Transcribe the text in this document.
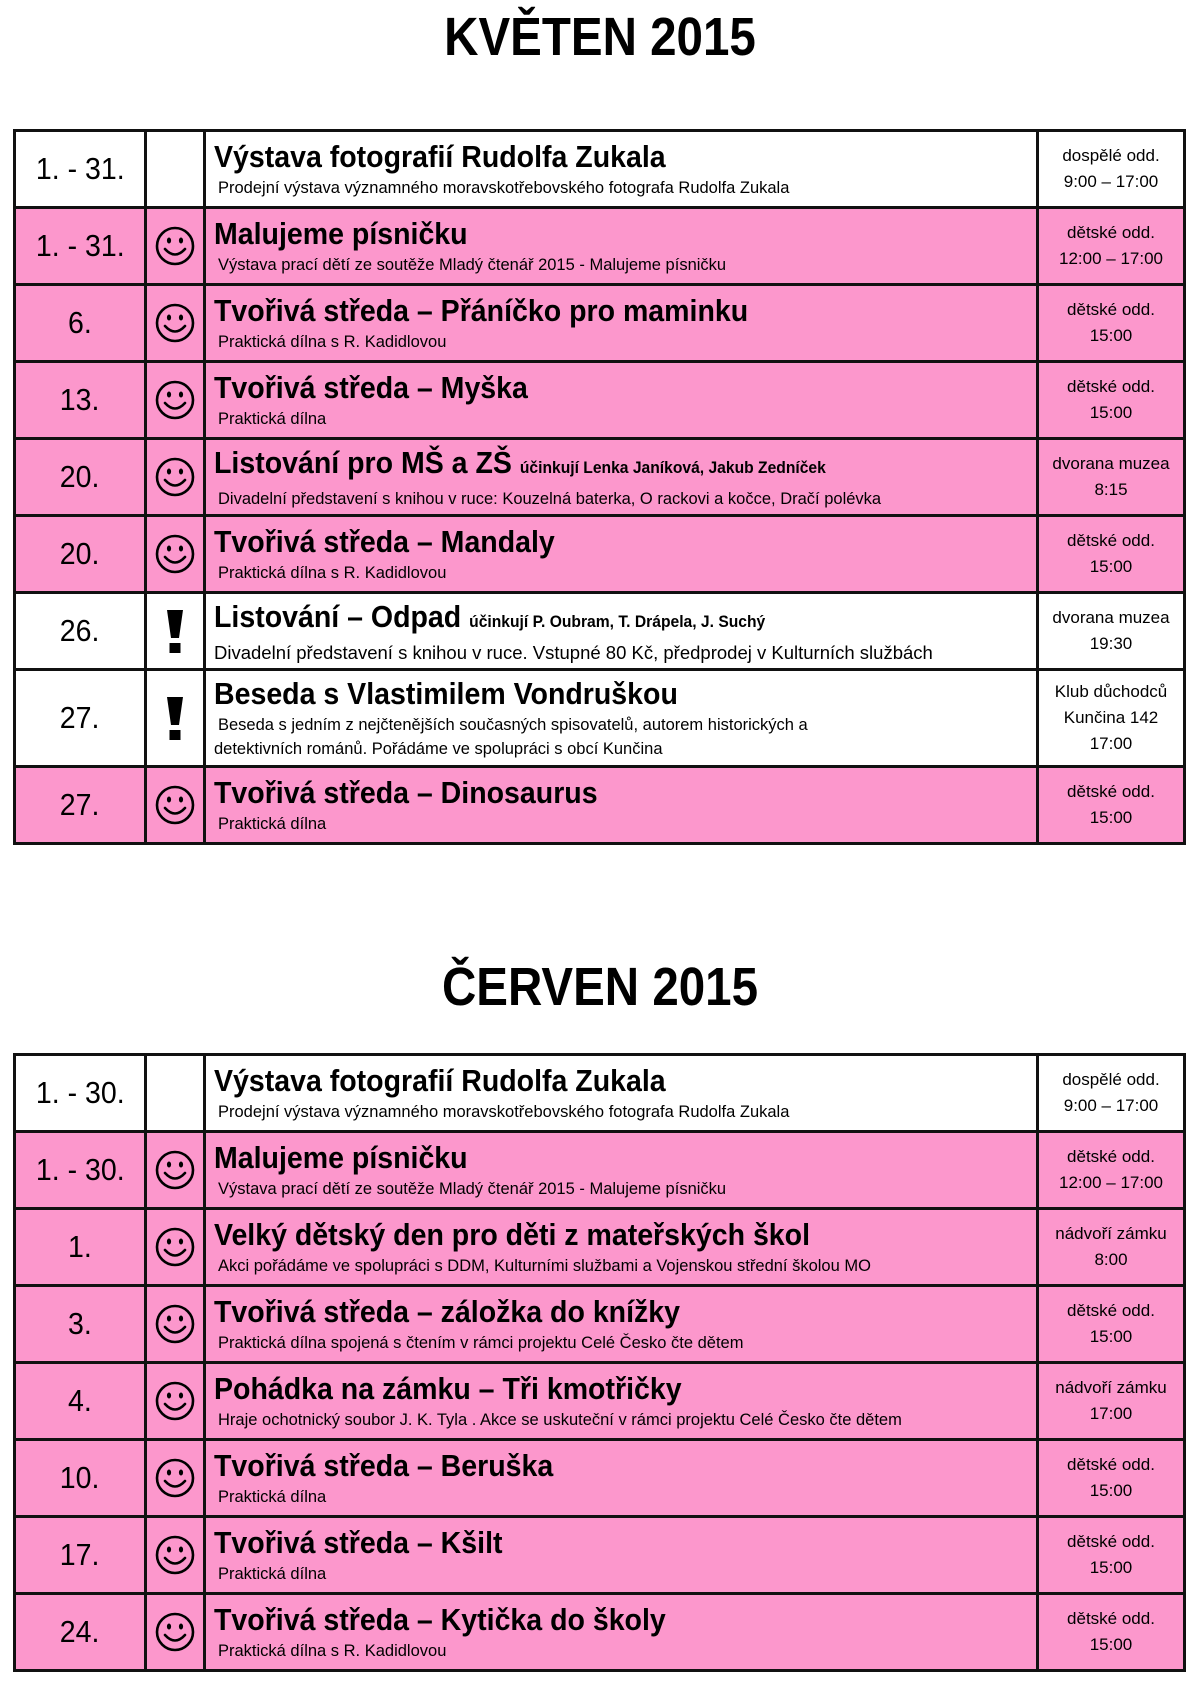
KVĚTEN 2015
1. - 31.		Výstava fotografií Rudolfa Zukala
Prodejní výstava významného moravskotřebovského fotografa Rudolfa Zukala	dospělé odd.
9:00 – 17:00

1. - 31.		Malujeme písničku
Výstava prací dětí ze soutěže Mladý čtenář 2015 - Malujeme písničku	dětské odd.
12:00 – 17:00

6.		Tvořivá středa – Přáníčko pro maminku
Praktická dílna s R. Kadidlovou	dětské odd.
15:00

13.		Tvořivá středa – Myška
Praktická dílna	dětské odd.
15:00

20.		Listování pro MŠ a ZŠ účinkují Lenka Janíková, Jakub Zedníček
Divadelní představení s knihou v ruce: Kouzelná baterka, O rackovi a kočce, Dračí polévka	dvorana muzea
8:15

20.		Tvořivá středa – Mandaly
Praktická dílna s R. Kadidlovou	dětské odd.
15:00

26.		Listování – Odpad účinkují P. Oubram, T. Drápela, J. Suchý
Divadelní představení s knihou v ruce. Vstupné 80 Kč, předprodej v Kulturních službách	dvorana muzea
19:30

27.		Beseda s Vlastimilem Vondruškou
Beseda s jedním z nejčtenějších současných spisovatelů, autorem historických a
detektivních románů. Pořádáme ve spolupráci s obcí Kunčina	Klub důchodců
Kunčina 142
17:00

27.		Tvořivá středa – Dinosaurus
Praktická dílna	dětské odd.
15:00
ČERVEN 2015
1. - 30.		Výstava fotografií Rudolfa Zukala
Prodejní výstava významného moravskotřebovského fotografa Rudolfa Zukala	dospělé odd.
9:00 – 17:00

1. - 30.		Malujeme písničku
Výstava prací dětí ze soutěže Mladý čtenář 2015 - Malujeme písničku	dětské odd.
12:00 – 17:00

1.		Velký dětský den pro děti z mateřských škol
Akci pořádáme ve spolupráci s DDM, Kulturními službami a Vojenskou střední školou MO	nádvoří zámku
8:00

3.		Tvořivá středa – záložka do knížky
Praktická dílna spojená s čtením v rámci projektu Celé Česko čte dětem	dětské odd.
15:00

4.		Pohádka na zámku – Tři kmotřičky
Hraje ochotnický soubor J. K. Tyla . Akce se uskuteční v rámci projektu Celé Česko čte dětem	nádvoří zámku
17:00

10.		Tvořivá středa – Beruška
Praktická dílna	dětské odd.
15:00

17.		Tvořivá středa – Kšilt
Praktická dílna	dětské odd.
15:00

24.		Tvořivá středa – Kytička do školy
Praktická dílna s R. Kadidlovou	dětské odd.
15:00
